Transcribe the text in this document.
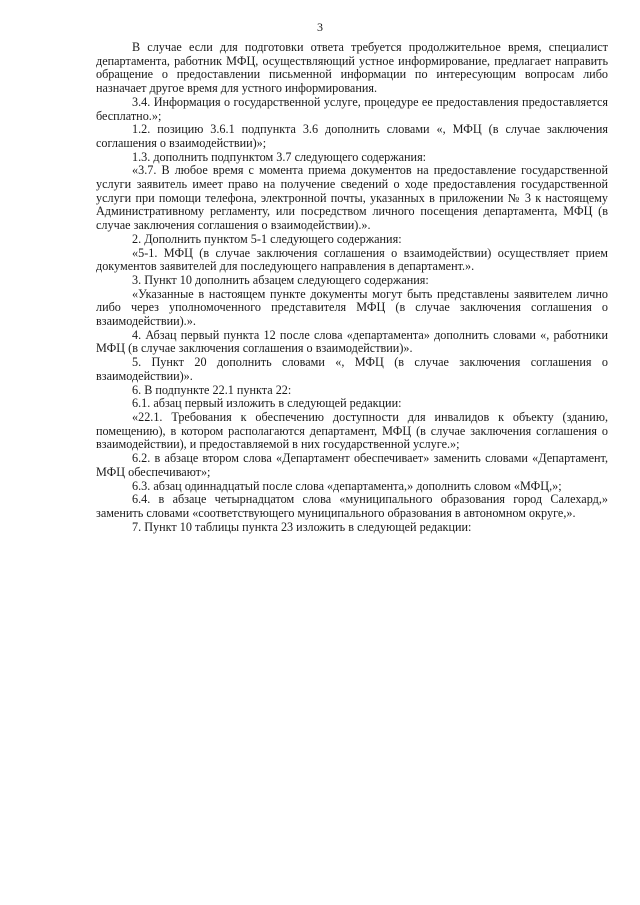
3

В случае если для подготовки ответа требуется продолжительное время, специалист департамента, работник МФЦ, осуществляющий устное информирование, предлагает направить обращение о предоставлении письменной информации по интересующим вопросам либо назначает другое время для устного информирования.

3.4. Информация о государственной услуге, процедуре ее предоставления предоставляется бесплатно.»;

1.2. позицию 3.6.1 подпункта 3.6 дополнить словами «, МФЦ (в случае заключения соглашения о взаимодействии)»;

1.3. дополнить подпунктом 3.7 следующего содержания:

«3.7. В любое время с момента приема документов на предоставление государственной услуги заявитель имеет право на получение сведений о ходе предоставления государственной услуги при помощи телефона, электронной почты, указанных в приложении № 3 к настоящему Административному регламенту, или посредством личного посещения департамента, МФЦ (в случае заключения соглашения о взаимодействии).».

2. Дополнить пунктом 5-1 следующего содержания:

«5-1. МФЦ (в случае заключения соглашения о взаимодействии) осуществляет прием документов заявителей для последующего направления в департамент.».

3. Пункт 10 дополнить абзацем следующего содержания:

«Указанные в настоящем пункте документы могут быть представлены заявителем лично либо через уполномоченного представителя МФЦ (в случае заключения соглашения о взаимодействии).».

4. Абзац первый пункта 12 после слова «департамента» дополнить словами «, работники МФЦ (в случае заключения соглашения о взаимодействии)».

5. Пункт 20 дополнить словами «, МФЦ (в случае заключения соглашения о взаимодействии)».

6. В подпункте 22.1 пункта 22:

6.1. абзац первый изложить в следующей редакции:

«22.1. Требования к обеспечению доступности для инвалидов к объекту (зданию, помещению), в котором располагаются департамент, МФЦ (в случае заключения соглашения о взаимодействии), и предоставляемой в них государственной услуге.»;

6.2. в абзаце втором слова «Департамент обеспечивает» заменить словами «Департамент, МФЦ обеспечивают»;

6.3. абзац одиннадцатый после слова «департамента,» дополнить словом «МФЦ,»;

6.4. в абзаце четырнадцатом слова «муниципального образования город Салехард,» заменить словами «соответствующего муниципального образования в автономном округе,».

7. Пункт 10 таблицы пункта 23 изложить в следующей редакции:
